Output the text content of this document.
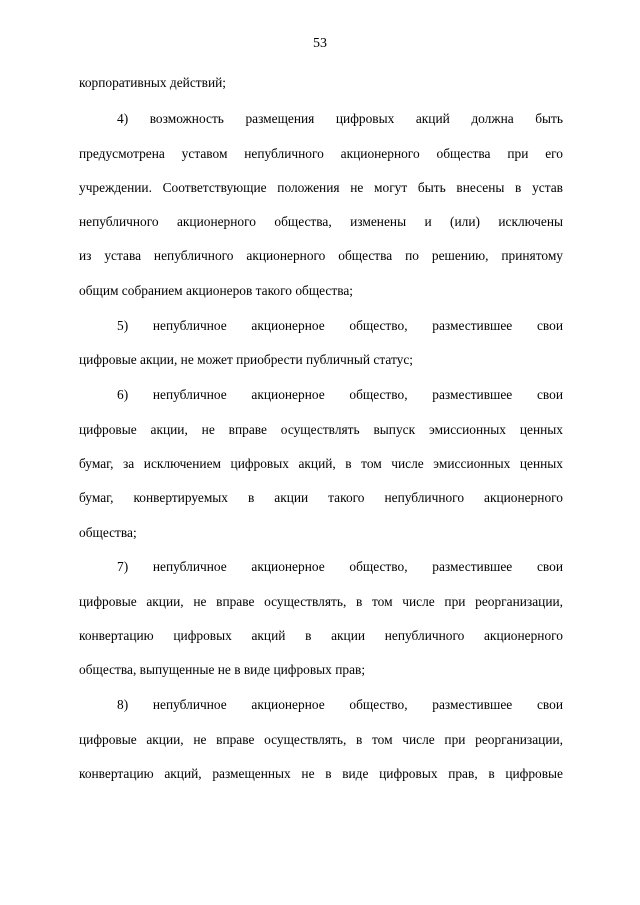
53
корпоративных действий;
4) возможность размещения цифровых акций должна быть
предусмотрена уставом непубличного акционерного общества при его
учреждении. Соответствующие положения не могут быть внесены в устав
непубличного акционерного общества, изменены и (или) исключены
из устава непубличного акционерного общества по решению, принятому
общим собранием акционеров такого общества;
5) непубличное акционерное общество, разместившее свои
цифровые акции, не может приобрести публичный статус;
6) непубличное акционерное общество, разместившее свои
цифровые акции, не вправе осуществлять выпуск эмиссионных ценных
бумаг, за исключением цифровых акций, в том числе эмиссионных ценных
бумаг, конвертируемых в акции такого непубличного акционерного
общества;
7) непубличное акционерное общество, разместившее свои
цифровые акции, не вправе осуществлять, в том числе при реорганизации,
конвертацию цифровых акций в акции непубличного акционерного
общества, выпущенные не в виде цифровых прав;
8) непубличное акционерное общество, разместившее свои
цифровые акции, не вправе осуществлять, в том числе при реорганизации,
конвертацию акций, размещенных не в виде цифровых прав, в цифровые
